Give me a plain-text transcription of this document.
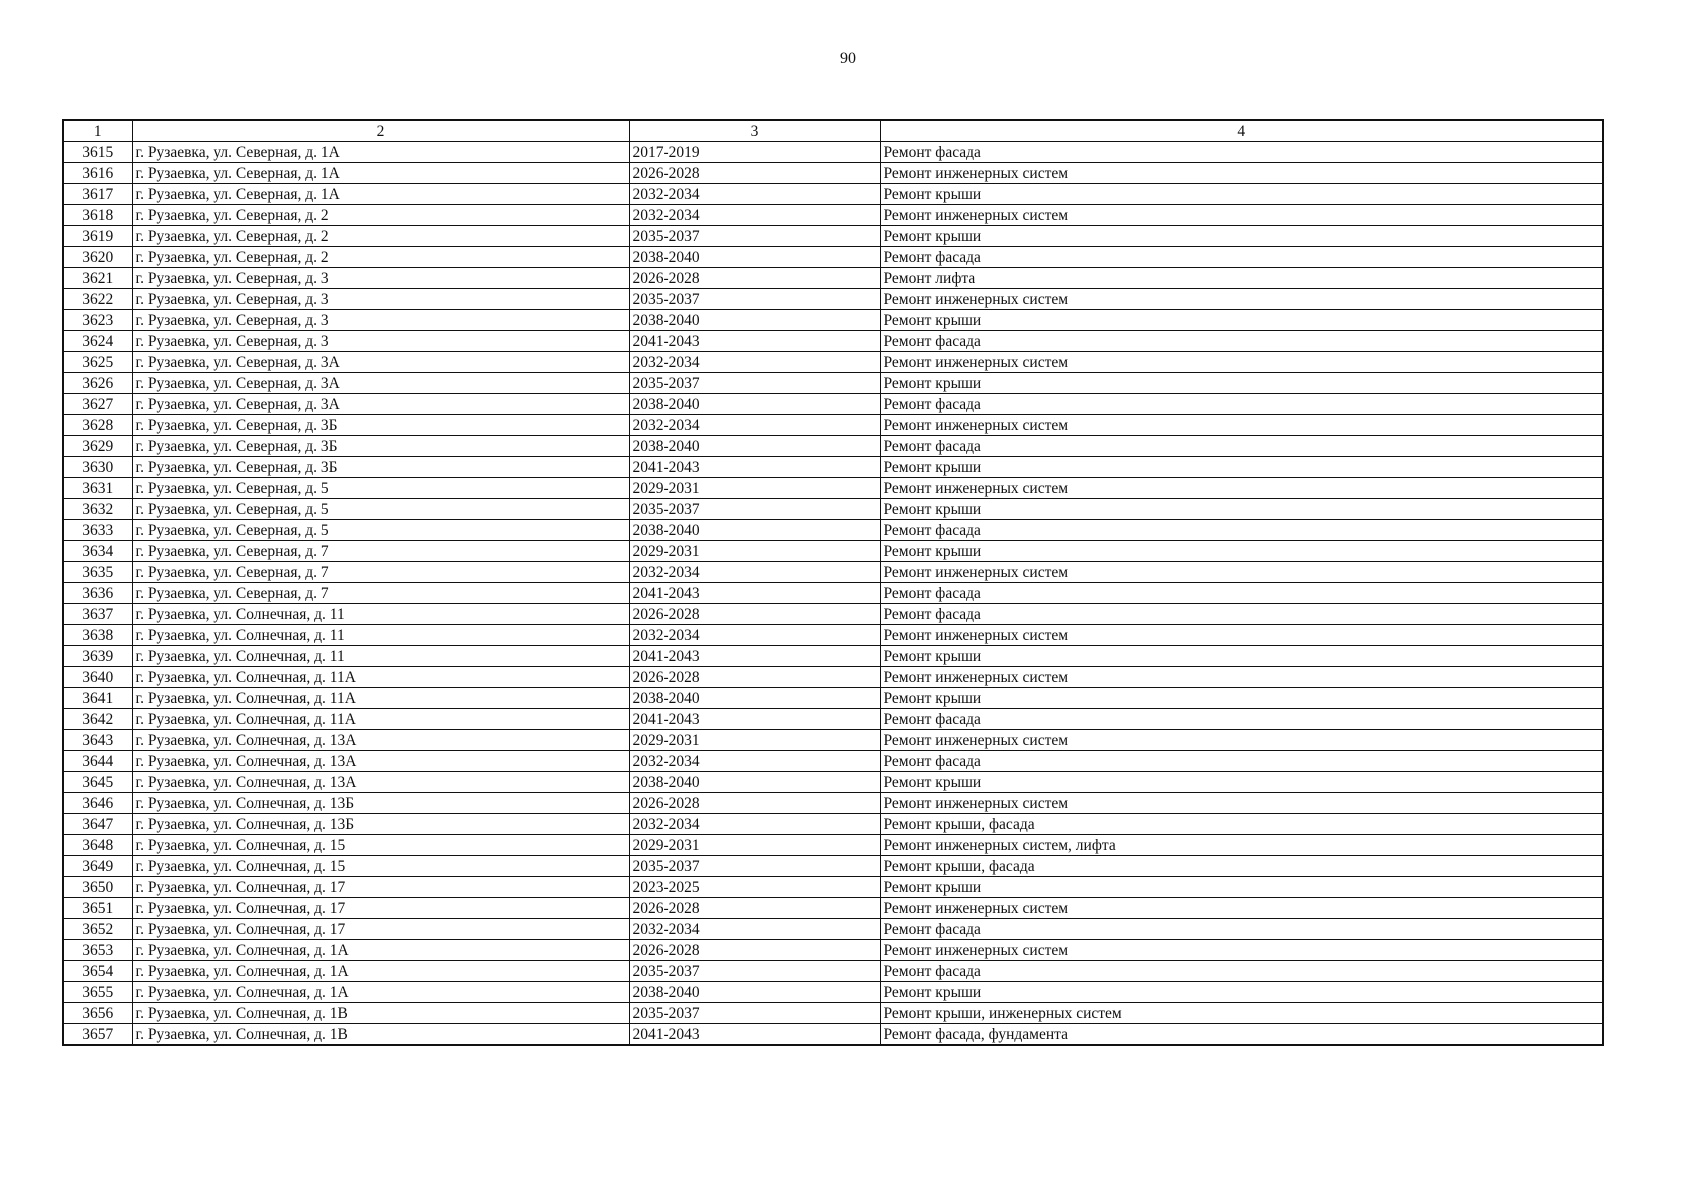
90
1	2	3	4
3615	г. Рузаевка, ул. Северная, д. 1А	2017-2019	Ремонт фасада
3616	г. Рузаевка, ул. Северная, д. 1А	2026-2028	Ремонт инженерных систем
3617	г. Рузаевка, ул. Северная, д. 1А	2032-2034	Ремонт крыши
3618	г. Рузаевка, ул. Северная, д. 2	2032-2034	Ремонт инженерных систем
3619	г. Рузаевка, ул. Северная, д. 2	2035-2037	Ремонт крыши
3620	г. Рузаевка, ул. Северная, д. 2	2038-2040	Ремонт фасада
3621	г. Рузаевка, ул. Северная, д. 3	2026-2028	Ремонт лифта
3622	г. Рузаевка, ул. Северная, д. 3	2035-2037	Ремонт инженерных систем
3623	г. Рузаевка, ул. Северная, д. 3	2038-2040	Ремонт крыши
3624	г. Рузаевка, ул. Северная, д. 3	2041-2043	Ремонт фасада
3625	г. Рузаевка, ул. Северная, д. 3А	2032-2034	Ремонт инженерных систем
3626	г. Рузаевка, ул. Северная, д. 3А	2035-2037	Ремонт крыши
3627	г. Рузаевка, ул. Северная, д. 3А	2038-2040	Ремонт фасада
3628	г. Рузаевка, ул. Северная, д. 3Б	2032-2034	Ремонт инженерных систем
3629	г. Рузаевка, ул. Северная, д. 3Б	2038-2040	Ремонт фасада
3630	г. Рузаевка, ул. Северная, д. 3Б	2041-2043	Ремонт крыши
3631	г. Рузаевка, ул. Северная, д. 5	2029-2031	Ремонт инженерных систем
3632	г. Рузаевка, ул. Северная, д. 5	2035-2037	Ремонт крыши
3633	г. Рузаевка, ул. Северная, д. 5	2038-2040	Ремонт фасада
3634	г. Рузаевка, ул. Северная, д. 7	2029-2031	Ремонт крыши
3635	г. Рузаевка, ул. Северная, д. 7	2032-2034	Ремонт инженерных систем
3636	г. Рузаевка, ул. Северная, д. 7	2041-2043	Ремонт фасада
3637	г. Рузаевка, ул. Солнечная, д. 11	2026-2028	Ремонт фасада
3638	г. Рузаевка, ул. Солнечная, д. 11	2032-2034	Ремонт инженерных систем
3639	г. Рузаевка, ул. Солнечная, д. 11	2041-2043	Ремонт крыши
3640	г. Рузаевка, ул. Солнечная, д. 11А	2026-2028	Ремонт инженерных систем
3641	г. Рузаевка, ул. Солнечная, д. 11А	2038-2040	Ремонт крыши
3642	г. Рузаевка, ул. Солнечная, д. 11А	2041-2043	Ремонт фасада
3643	г. Рузаевка, ул. Солнечная, д. 13А	2029-2031	Ремонт инженерных систем
3644	г. Рузаевка, ул. Солнечная, д. 13А	2032-2034	Ремонт фасада
3645	г. Рузаевка, ул. Солнечная, д. 13А	2038-2040	Ремонт крыши
3646	г. Рузаевка, ул. Солнечная, д. 13Б	2026-2028	Ремонт инженерных систем
3647	г. Рузаевка, ул. Солнечная, д. 13Б	2032-2034	Ремонт крыши, фасада
3648	г. Рузаевка, ул. Солнечная, д. 15	2029-2031	Ремонт инженерных систем, лифта
3649	г. Рузаевка, ул. Солнечная, д. 15	2035-2037	Ремонт крыши, фасада
3650	г. Рузаевка, ул. Солнечная, д. 17	2023-2025	Ремонт крыши
3651	г. Рузаевка, ул. Солнечная, д. 17	2026-2028	Ремонт инженерных систем
3652	г. Рузаевка, ул. Солнечная, д. 17	2032-2034	Ремонт фасада
3653	г. Рузаевка, ул. Солнечная, д. 1А	2026-2028	Ремонт инженерных систем
3654	г. Рузаевка, ул. Солнечная, д. 1А	2035-2037	Ремонт фасада
3655	г. Рузаевка, ул. Солнечная, д. 1А	2038-2040	Ремонт крыши
3656	г. Рузаевка, ул. Солнечная, д. 1В	2035-2037	Ремонт крыши, инженерных систем
3657	г. Рузаевка, ул. Солнечная, д. 1В	2041-2043	Ремонт фасада, фундамента
